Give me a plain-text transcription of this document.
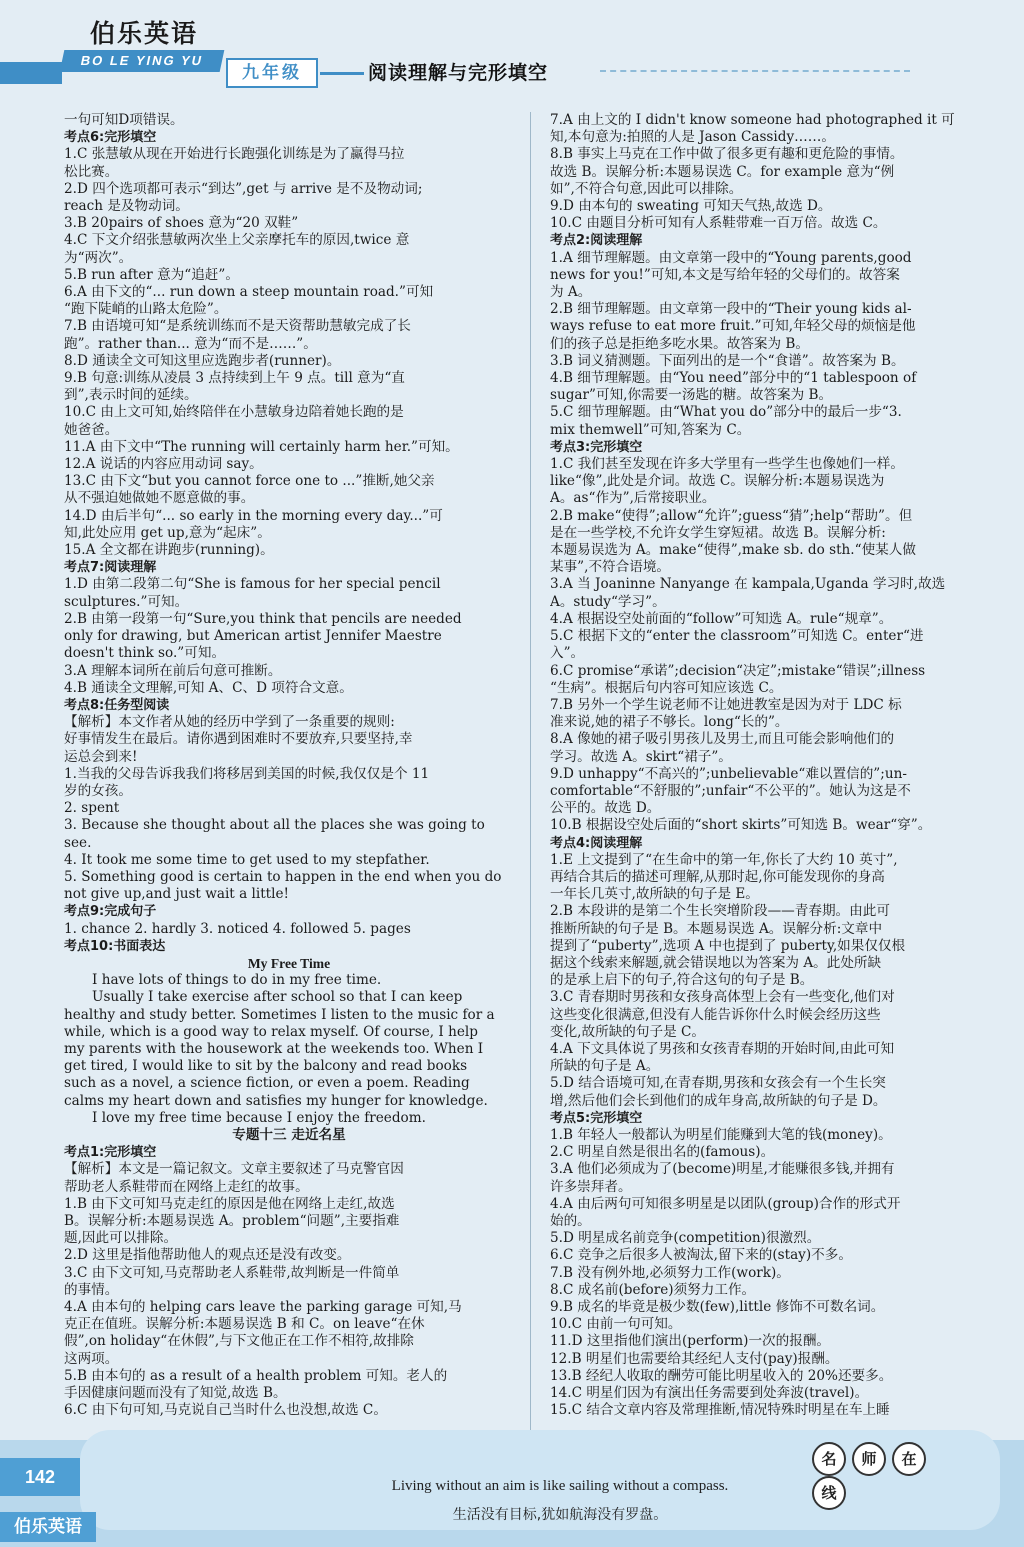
伯乐英语
BO LE YING YU
九年级	阅读理解与完形填空
一句可知D项错误。
考点6:完形填空
1.C 张慧敏从现在开始进行长跑强化训练是为了赢得马拉
松比赛。
2.D 四个选项都可表示“到达”,get 与 arrive 是不及物动词;
reach 是及物动词。
3.B 20pairs of shoes 意为“20 双鞋”
4.C 下文介绍张慧敏两次坐上父亲摩托车的原因,twice 意
为“两次”。
5.B run after 意为“追赶”。
6.A 由下文的“... run down a steep mountain road.”可知
“跑下陡峭的山路太危险”。
7.B 由语境可知“是系统训练而不是天资帮助慧敏完成了长
跑”。rather than... 意为“而不是……”。
8.D 通读全文可知这里应选跑步者(runner)。
9.B 句意:训练从凌晨 3 点持续到上午 9 点。till 意为“直
到”,表示时间的延续。
10.C 由上文可知,始终陪伴在小慧敏身边陪着她长跑的是
她爸爸。
11.A 由下文中“The running will certainly harm her.”可知。
12.A 说话的内容应用动词 say。
13.C 由下文“but you cannot force one to ...”推断,她父亲
从不强迫她做她不愿意做的事。
14.D 由后半句“... so early in the morning every day...”可
知,此处应用 get up,意为“起床”。
15.A 全文都在讲跑步(running)。
考点7:阅读理解
1.D 由第二段第二句“She is famous for her special pencil
sculptures.”可知。
2.B 由第一段第一句“Sure,you think that pencils are needed
only for drawing, but American artist Jennifer Maestre
doesn't think so.”可知。
3.A 理解本词所在前后句意可推断。
4.B 通读全文理解,可知 A、C、D 项符合文意。
考点8:任务型阅读
【解析】本文作者从她的经历中学到了一条重要的规则:
好事情发生在最后。请你遇到困难时不要放弃,只要坚持,幸
运总会到来!
1.当我的父母告诉我我们将移居到美国的时候,我仅仅是个 11
岁的女孩。
2. spent
3. Because she thought about all the places she was going to
see.
4. It took me some time to get used to my stepfather.
5. Something good is certain to happen in the end when you do
not give up,and just wait a little!
考点9:完成句子
1. chance 2. hardly 3. noticed 4. followed 5. pages
考点10:书面表达
My Free Time
I have lots of things to do in my free time.
Usually I take exercise after school so that I can keep
healthy and study better. Sometimes I listen to the music for a
while, which is a good way to relax myself. Of course, I help
my parents with the housework at the weekends too. When I
get tired, I would like to sit by the balcony and read books
such as a novel, a science fiction, or even a poem. Reading
calms my heart down and satisfies my hunger for knowledge.
I love my free time because I enjoy the freedom.
专题十三 走近名星
考点1:完形填空
【解析】本文是一篇记叙文。文章主要叙述了马克警官因
帮助老人系鞋带而在网络上走红的故事。
1.B 由下文可知马克走红的原因是他在网络上走红,故选
B。误解分析:本题易误选 A。problem“问题”,主要指难
题,因此可以排除。
2.D 这里是指他帮助他人的观点还是没有改变。
3.C 由下文可知,马克帮助老人系鞋带,故判断是一件简单
的事情。
4.A 由本句的 helping cars leave the parking garage 可知,马
克正在值班。误解分析:本题易误选 B 和 C。on leave“在休
假”,on holiday“在休假”,与下文他正在工作不相符,故排除
这两项。
5.B 由本句的 as a result of a health problem 可知。老人的
手因健康问题而没有了知觉,故选 B。
6.C 由下句可知,马克说自己当时什么也没想,故选 C。
7.A 由上文的 I didn't know someone had photographed it 可
知,本句意为:拍照的人是 Jason Cassidy……。
8.B 事实上马克在工作中做了很多更有趣和更危险的事情。
故选 B。误解分析:本题易误选 C。for example 意为“例
如”,不符合句意,因此可以排除。
9.D 由本句的 sweating 可知天气热,故选 D。
10.C 由题目分析可知有人系鞋带难一百万倍。故选 C。
考点2:阅读理解
1.A 细节理解题。由文章第一段中的“Young parents,good
news for you!”可知,本文是写给年轻的父母们的。故答案
为 A。
2.B 细节理解题。由文章第一段中的“Their young kids al-
ways refuse to eat more fruit.”可知,年轻父母的烦恼是他
们的孩子总是拒绝多吃水果。故答案为 B。
3.B 词义猜测题。下面列出的是一个“食谱”。故答案为 B。
4.B 细节理解题。由“You need”部分中的“1 tablespoon of
sugar”可知,你需要一汤匙的糖。故答案为 B。
5.C 细节理解题。由“What you do”部分中的最后一步“3.
mix themwell”可知,答案为 C。
考点3:完形填空
1.C 我们甚至发现在许多大学里有一些学生也像她们一样。
like“像”,此处是介词。故选 C。误解分析:本题易误选为
A。as“作为”,后常接职业。
2.B make“使得”;allow“允许”;guess“猜”;help“帮助”。但
是在一些学校,不允许女学生穿短裙。故选 B。误解分析:
本题易误选为 A。make“使得”,make sb. do sth.“使某人做
某事”,不符合语境。
3.A 当 Joaninne Nanyange 在 kampala,Uganda 学习时,故选
A。study“学习”。
4.A 根据设空处前面的“follow”可知选 A。rule“规章”。
5.C 根据下文的“enter the classroom”可知选 C。enter“进
入”。
6.C promise“承诺”;decision“决定”;mistake“错误”;illness
“生病”。根据后句内容可知应该选 C。
7.B 另外一个学生说老师不让她进教室是因为对于 LDC 标
准来说,她的裙子不够长。long“长的”。
8.A 像她的裙子吸引男孩儿及男士,而且可能会影响他们的
学习。故选 A。skirt“裙子”。
9.D unhappy“不高兴的”;unbelievable“难以置信的”;un-
comfortable“不舒服的”;unfair“不公平的”。她认为这是不
公平的。故选 D。
10.B 根据设空处后面的“short skirts”可知选 B。wear“穿”。
考点4:阅读理解
1.E 上文提到了“在生命中的第一年,你长了大约 10 英寸”,
再结合其后的描述可理解,从那时起,你可能发现你的身高
一年长几英寸,故所缺的句子是 E。
2.B 本段讲的是第二个生长突增阶段——青春期。由此可
推断所缺的句子是 B。本题易误选 A。误解分析:文章中
提到了“puberty”,选项 A 中也提到了 puberty,如果仅仅根
据这个线索来解题,就会错误地以为答案为 A。此处所缺
的是承上启下的句子,符合这句的句子是 B。
3.C 青春期时男孩和女孩身高体型上会有一些变化,他们对
这些变化很满意,但没有人能告诉你什么时候会经历这些
变化,故所缺的句子是 C。
4.A 下文具体说了男孩和女孩青春期的开始时间,由此可知
所缺的句子是 A。
5.D 结合语境可知,在青春期,男孩和女孩会有一个生长突
增,然后他们会长到他们的成年身高,故所缺的句子是 D。
考点5:完形填空
1.B 年轻人一般都认为明星们能赚到大笔的钱(money)。
2.C 明星自然是很出名的(famous)。
3.A 他们必须成为了(become)明星,才能赚很多钱,并拥有
许多崇拜者。
4.A 由后两句可知很多明星是以团队(group)合作的形式开
始的。
5.D 明星成名前竞争(competition)很激烈。
6.C 竞争之后很多人被淘汰,留下来的(stay)不多。
7.B 没有例外地,必须努力工作(work)。
8.C 成名前(before)须努力工作。
9.B 成名的毕竟是极少数(few),little 修饰不可数名词。
10.C 由前一句可知。
11.D 这里指他们演出(perform)一次的报酬。
12.B 明星们也需要给其经纪人支付(pay)报酬。
13.B 经纪人收取的酬劳可能比明星收入的 20%还要多。
14.C 明星们因为有演出任务需要到处奔波(travel)。
15.C 结合文章内容及常理推断,情况特殊时明星在车上睡
142
伯乐英语
名 师 在线
Living without an aim is like sailing without a compass.
生活没有目标,犹如航海没有罗盘。
